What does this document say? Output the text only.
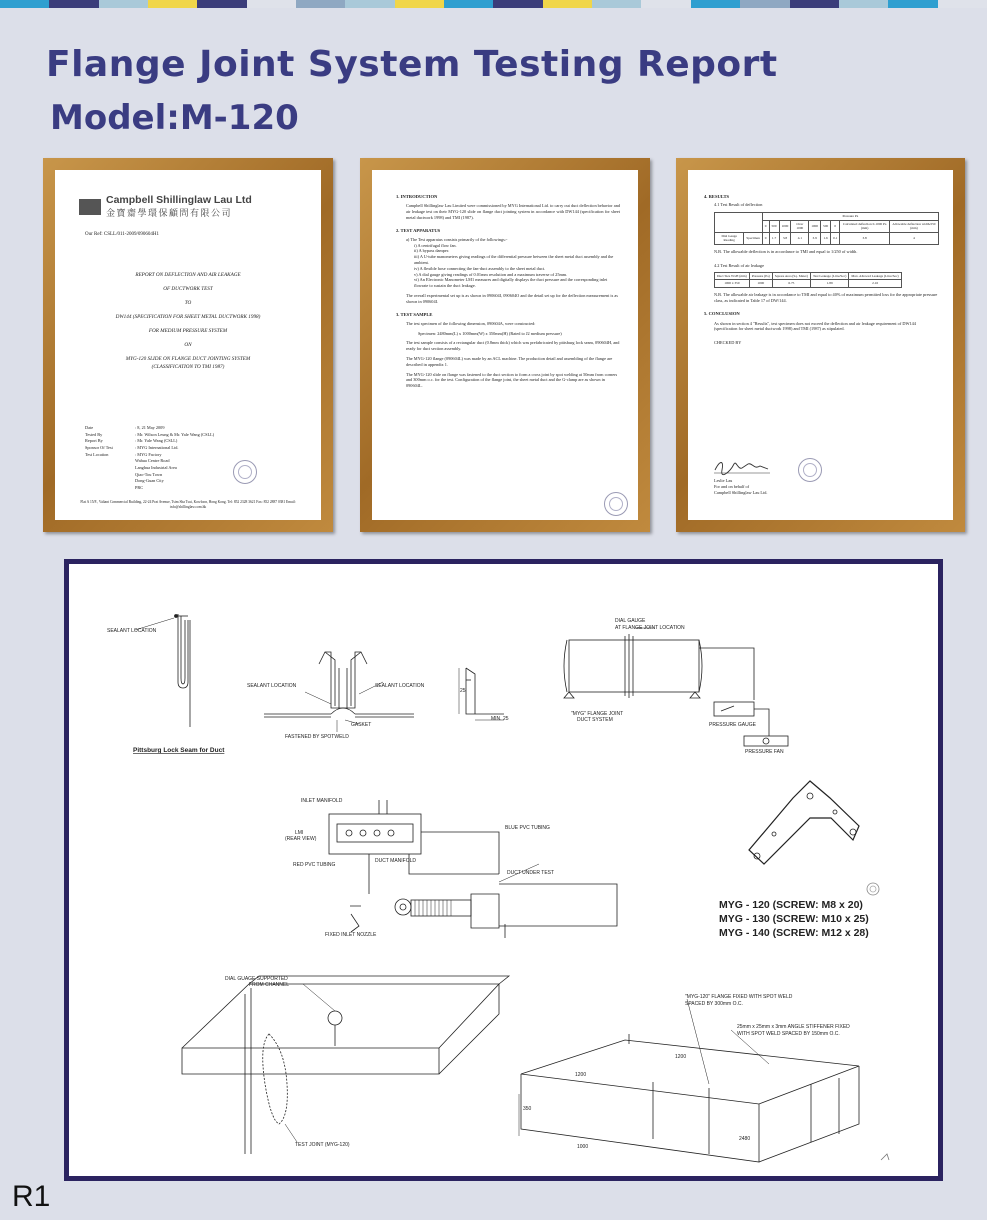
Flange Joint System Testing Report
Model:M-120
Campbell Shillinglaw Lau Ltd
金寶齋學環保顧問有限公司
Our Ref: CSLL/011-2009/090604H1
REPORT ON DEFLECTION AND AIR LEAKAGE
OF DUCTWORK TEST
TO
DW144 (SPECIFICATION FOR SHEET METAL DUCTWORK 1998)
FOR MEDIUM PRESSURE SYSTEM
ON
MYG-120 SLIDE ON FLANGE DUCT JOINTING SYSTEM
(CLASSIFICATION TO TMI 1987)
Date	: 8, 21 May 2009
Tested By	: Mr. Wilson Leung & Mr. Yale Wang (CSLL)
Report By	: Mr. Yale Wang (CSLL)
Sponsor Of Test	: MYG International Ltd.
Test Location	: MYG Factory
Wahua Centre Road
Langhua Industrial Area
Qiao-Tou Town
Dong-Guan City
PRC
Flat A 15/F., Valiant Commercial Building, 22-24 Prat Avenue, Tsim Sha Tsui, Kowloon, Hong Kong. Tel: 852 2328 3621 Fax: 852 2887 0381 Email: info@shillinglaw.com.hk
1. INTRODUCTION
Campbell Shillinglaw Lau Limited were commissioned by MYG International Ltd. to carry out duct deflection behavior and air leakage test on their MYG-120 slide on flange duct jointing system in accordance with DW144 (specification for sheet metal ductwork 1998) and TMI (1987).
2. TEST APPARATUS
a) The Test apparatus consists primarily of the followings:-
i) A centrifugal flow fan.
ii) A bypass damper.
iii) A U-tube manometers giving readings of the differential pressure between the sheet metal duct assembly and the ambient.
iv) A flexible hose connecting the fan-duct assembly to the sheet metal duct.
v) A dial gauge giving readings of 0.01mm resolution and a maximum traverse of 25mm.
vi) An Electronic Manometer LM1 measures and digitally displays the duct pressure and the corresponding inlet flowrate to sustain the duct leakage.
The overall experimental set up is as shown in 090604I, 090604O and the detail set up for the deflection measurement is as shown in 090604I.
3. TEST SAMPLE
The test specimen of the following dimension, 090604A, were constructed:
Specimen: 2480mm(L) x 1000mm(W) x 350mm(H) (Rated to J2 medium pressure)
The test sample consists of a rectangular duct (0.8mm thick) which was prefabricated by pittsburg lock seam, 090604H, and ready for duct section assembly.
The MYG-120 flange (090604L) was made by an ACL machine. The production detail and assembling of the flange are described in appendix 1.
The MYG-120 slide on flange was fastened to the duct section to form a cross joint by spot welding at 50mm from corners and 300mm o.c. for the test. Configuration of the flange joint, the sheet metal duct and the G-clamp are as shown in 090604L.
4. RESULTS
4.1 Test Result of deflection
		Pressure Pa								
		0	500	1000	Over 1000	1000	500	0	Calculated deflection 0-1000 Pa (mm)	Allowable deflection width/250 (mm)
Dial Gauge Reading	Specimen	0	1.7	3.8	4.1	3.9	1.6	0.1	3.8	4
N.B. The allowable deflection is in accordance to TMI and equal to 1/250 of width.
4.2 Test Result of air leakage
Duct Size WxH (mm)	Pressure (Pa)	Square Area (Sq. Meter)	Test Leakage (Litre/Sec)	Max. Allowed Leakage (Litre/Sec)
1000 x 350	1000	6.75	1.89	2.16
N.B. The allowable air leakage is in accordance to TMI and equal to 40% of maximum permitted loss for the appropriate pressure class, as indicated in Table 17 of DW/144.
5. CONCLUSION
As shown in section 4 "Results", test specimen does not exceed the deflection and air leakage requirement of DW144 (specification for sheet metal ductwork 1998) and TMI (1987) as stipulated.
CHECKED BY
Leslie Lau
For and on behalf of
Campbell Shillinglaw Lau Ltd.
SEALANT LOCATION
Pittsburg Lock Seam for Duct
SEALANT LOCATION	SEALANT LOCATION
GASKET
FASTENED BY SPOTWELD
25
MIN. 25
DIAL GAUGE
AT FLANGE JOINT LOCATION
"MYG" FLANGE JOINT
DUCT SYSTEM
PRESSURE GAUGE
PRESSURE FAN
INLET MANIFOLD
LMI
(REAR VIEW)
BLUE PVC TUBING
RED PVC TUBING
DUCT MANIFOLD
DUCT UNDER TEST
FIXED INLET NOZZLE
MYG - 120 (SCREW: M8 x 20)
MYG - 130 (SCREW: M10 x 25)
MYG - 140 (SCREW: M12 x 28)
DIAL GUAGE SUPPORTED
FROM CHANNEL
TEST JOINT (MYG-120)
"MYG-120" FLANGE FIXED WITH SPOT WELD
SPACED BY 300mm O.C.
25mm x 25mm x 3mm ANGLE STIFFENER FIXED
WITH SPOT WELD SPACED BY 150mm O.C.
1200
1200
350
1000
2480
R1
